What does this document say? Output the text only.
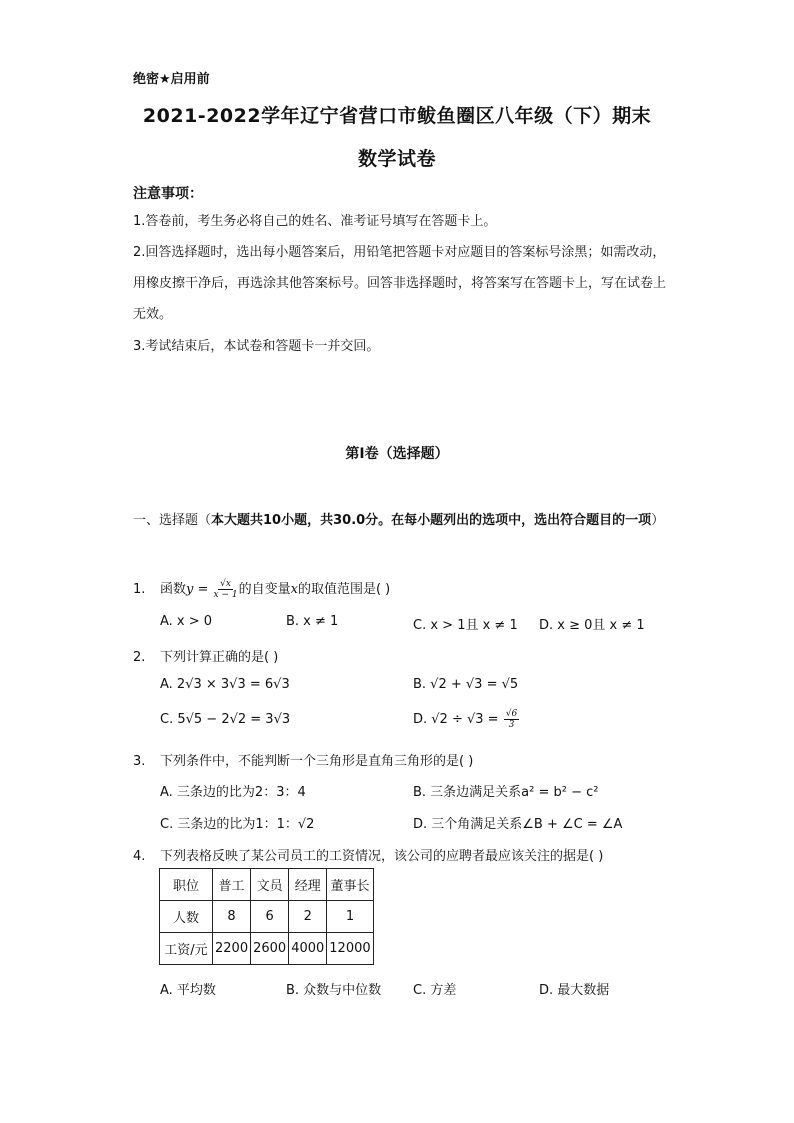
绝密★启用前
2021-2022学年辽宁省营口市鲅鱼圈区八年级（下）期末
数学试卷
注意事项：
1.答卷前，考生务必将自己的姓名、准考证号填写在答题卡上。
2.回答选择题时，选出每小题答案后，用铅笔把答题卡对应题目的答案标号涂黑；如需改动，用橡皮擦干净后，再选涂其他答案标号。回答非选择题时，将答案写在答题卡上，写在试卷上无效。
3.考试结束后，本试卷和答题卡一并交回。
第I卷（选择题）
一、选择题（本大题共10小题，共30.0分。在每小题列出的选项中，选出符合题目的一项）
1. 函数$y = \frac{√x}{x - 1}$ 的自变量x的取值范围是( )
A. x > 0	B. x ≠ 1	C. x > 1且 x ≠ 1 D. x ≥ 0且 x ≠ 1
2. 下列计算正确的是( )
A. 2√3 × 3√3 = 6√3	B. √2 + √3 = √5
C. 5√5 − 2√2 = 3√3	D. $√2 \div √3 = \frac{√6}{3}$
3. 下列条件中，不能判断一个三角形是直角三角形的是( )
A. 三条边的比为2：3：4	B. 三条边满足关系a² = b² − c²
C. 三条边的比为1：1：√2	D. 三个角满足关系∠B + ∠C = ∠A
4. 下列表格反映了某公司员工的工资情况，该公司的应聘者最应该关注的据是( )
职位	普工	文员	经理	董事长
人数	8	6	2	1
工资/元	2200	2600	4000	12000
A. 平均数	B. 众数与中位数 C. 方差	D. 最大数据
